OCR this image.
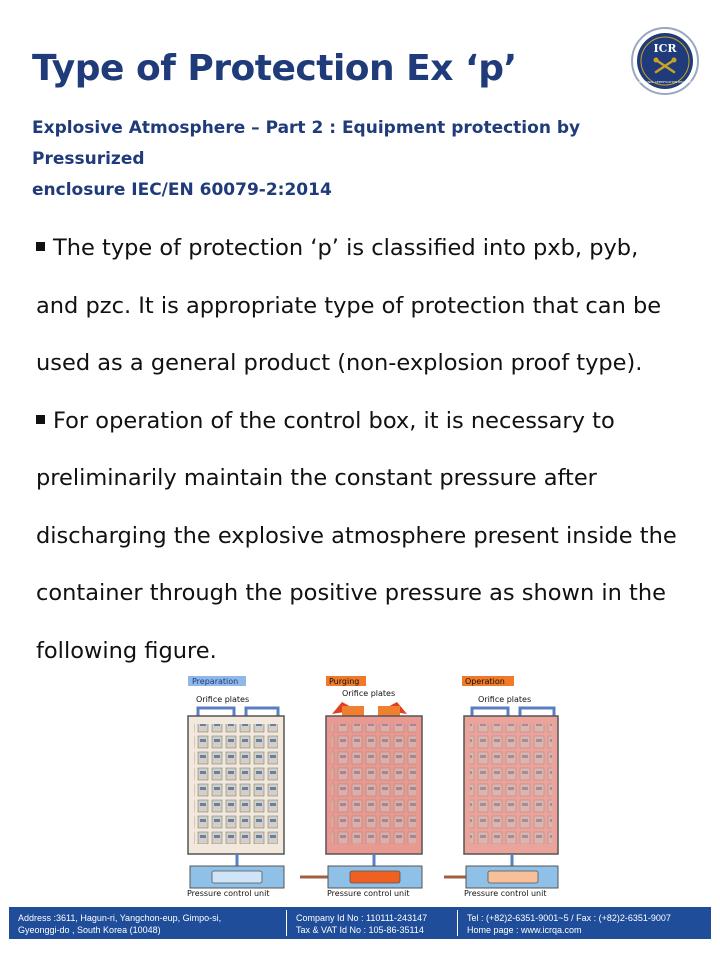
Type of Protection Ex ‘p’
Explosive Atmosphere – Part 2 : Equipment protection by Pressurized
enclosure IEC/EN 60079-2:2014
ICR
INTERNATIONAL CERTIFICATION REGISTRATION

The type of protection ‘p’ is classified into pxb, pyb, and pzc. It is appropriate type of protection that can be used as a general product (non-explosion proof type).

For operation of the control box, it is necessary to preliminarily maintain the constant pressure after discharging the explosive atmosphere present inside the container through the positive pressure as shown in the following figure.

Preparation
Orifice plates
Pressure control unit
Purging
Orifice plates
Pressure control unit
Operation
Orifice plates
Pressure control unit
Address :3611, Hagun-ri, Yangchon-eup, Gimpo-si,
Gyeonggi-do , South Korea (10048)
Company Id No : 110111-243147
Tax & VAT Id No : 105-86-35114
Tel : (+82)2-6351-9001~5 / Fax : (+82)2-6351-9007
Home page : www.icrqa.com
